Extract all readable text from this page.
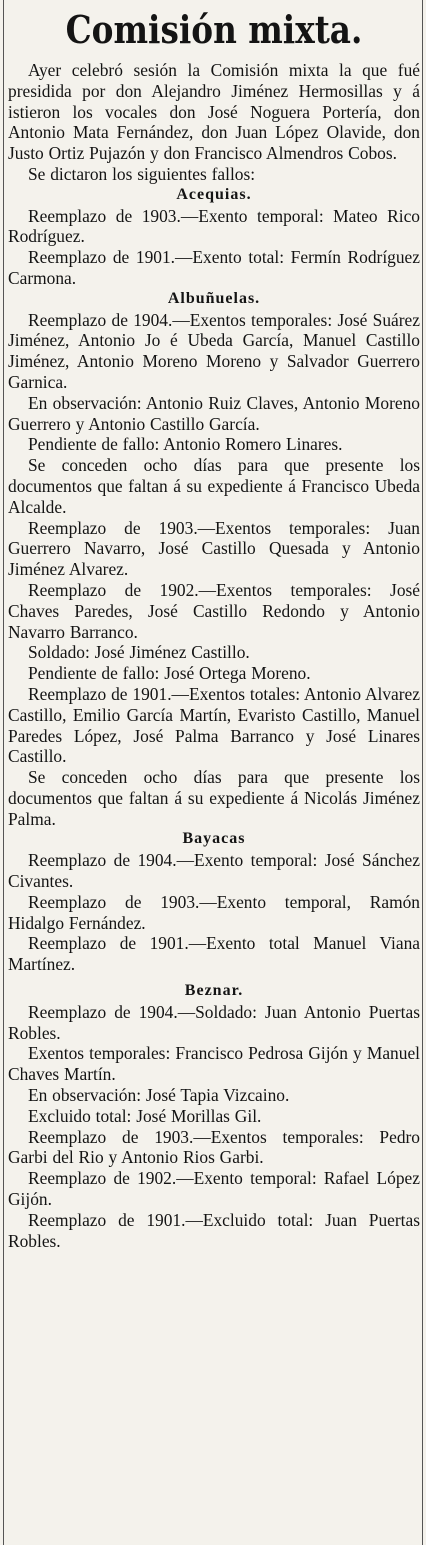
Comisión mixta.

Ayer celebró sesión la Comisión mixta la que fué presidida por don Alejandro Jiménez Hermosillas y á istieron los vocales don José Noguera Portería, don Antonio Mata Fernández, don Juan López Olavide, don Justo Ortiz Pujazón y don Francisco Almendros Cobos.

Se dictaron los siguientes fallos:

Acequias.

Reemplazo de 1903.—Exento temporal: Mateo Rico Rodríguez.

Reemplazo de 1901.—Exento total: Fermín Rodríguez Carmona.

Albuñuelas.

Reemplazo de 1904.—Exentos temporales: José Suárez Jiménez, Antonio Jo é Ubeda García, Manuel Castillo Jiménez, Antonio Moreno Moreno y Salvador Guerrero Garnica.

En observación: Antonio Ruiz Claves, Antonio Moreno Guerrero y Antonio Castillo García.

Pendiente de fallo: Antonio Romero Linares.

Se conceden ocho días para que presente los documentos que faltan á su expediente á Francisco Ubeda Alcalde.

Reemplazo de 1903.—Exentos temporales: Juan Guerrero Navarro, José Castillo Quesada y Antonio Jiménez Alvarez.

Reemplazo de 1902.—Exentos temporales: José Chaves Paredes, José Castillo Redondo y Antonio Navarro Barranco.

Soldado: José Jiménez Castillo.

Pendiente de fallo: José Ortega Moreno.

Reemplazo de 1901.—Exentos totales: Antonio Alvarez Castillo, Emilio García Martín, Evaristo Castillo, Manuel Paredes López, José Palma Barranco y José Linares Castillo.

Se conceden ocho días para que presente los documentos que faltan á su expediente á Nicolás Jiménez Palma.

Bayacas

Reemplazo de 1904.—Exento temporal: José Sánchez Civantes.

Reemplazo de 1903.—Exento temporal, Ramón Hidalgo Fernández.

Reemplazo de 1901.—Exento total Manuel Viana Martínez.

Beznar.

Reemplazo de 1904.—Soldado: Juan Antonio Puertas Robles.

Exentos temporales: Francisco Pedrosa Gijón y Manuel Chaves Martín.

En observación: José Tapia Vizcaino.

Excluido total: José Morillas Gil.

Reemplazo de 1903.—Exentos temporales: Pedro Garbi del Rio y Antonio Rios Garbi.

Reemplazo de 1902.—Exento temporal: Rafael López Gijón.

Reemplazo de 1901.—Excluido total: Juan Puertas Robles.
